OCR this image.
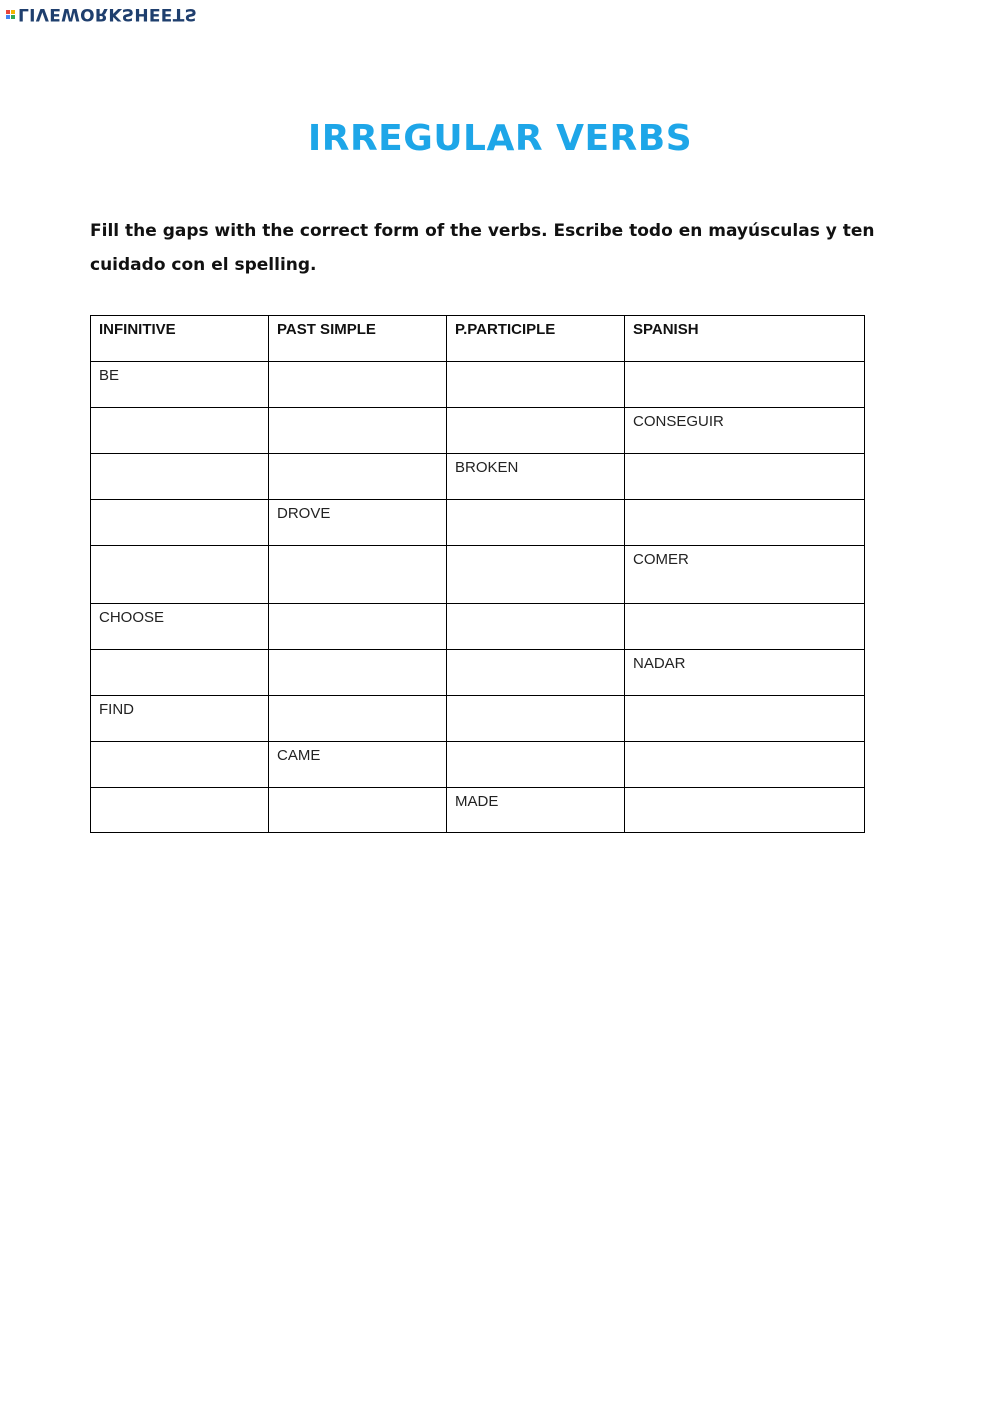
LIVEWORKSHEETS
IRREGULAR VERBS

Fill the gaps with the correct form of the verbs. Escribe todo en mayúsculas y ten cuidado con el spelling.

INFINITIVE	PAST SIMPLE	P.PARTICIPLE	SPANISH
BE			
			CONSEGUIR
		BROKEN	
	DROVE		
			COMER
CHOOSE			
			NADAR
FIND			
	CAME		
		MADE	
